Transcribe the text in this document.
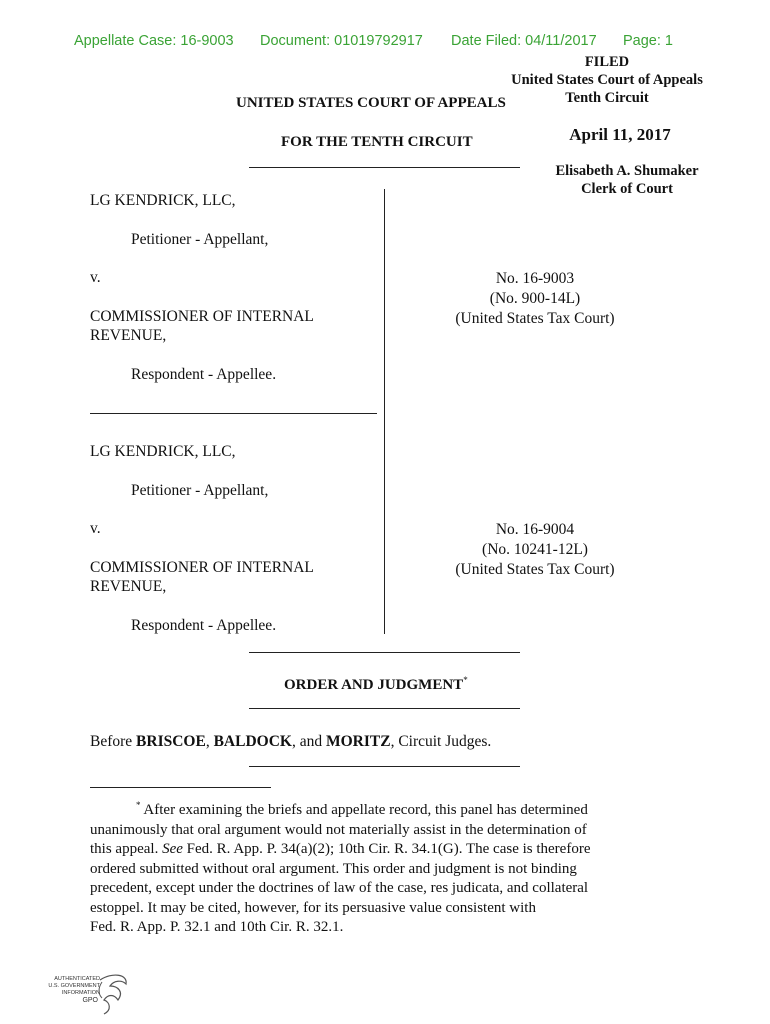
Appellate Case: 16-9003 Document: 01019792917 Date Filed: 04/11/2017 Page: 1
FILED
United States Court of Appeals
Tenth Circuit
April 11, 2017
Elisabeth A. Shumaker
Clerk of Court
UNITED STATES COURT OF APPEALS
FOR THE TENTH CIRCUIT
LG KENDRICK, LLC,
Petitioner - Appellant,
v.
COMMISSIONER OF INTERNAL
REVENUE,
Respondent - Appellee.
No. 16-9003
(No. 900-14L)
(United States Tax Court)
LG KENDRICK, LLC,
Petitioner - Appellant,
v.
COMMISSIONER OF INTERNAL
REVENUE,
Respondent - Appellee.
No. 16-9004
(No. 10241-12L)
(United States Tax Court)
ORDER AND JUDGMENT*
Before BRISCOE, BALDOCK, and MORITZ, Circuit Judges.

* After examining the briefs and appellate record, this panel has determined

unanimously that oral argument would not materially assist in the determination of

this appeal. See Fed. R. App. P. 34(a)(2); 10th Cir. R. 34.1(G). The case is therefore

ordered submitted without oral argument. This order and judgment is not binding

precedent, except under the doctrines of law of the case, res judicata, and collateral

estoppel. It may be cited, however, for its persuasive value consistent with

Fed. R. App. P. 32.1 and 10th Cir. R. 32.1.

AUTHENTICATED
U.S. GOVERNMENT
INFORMATION
GPO
